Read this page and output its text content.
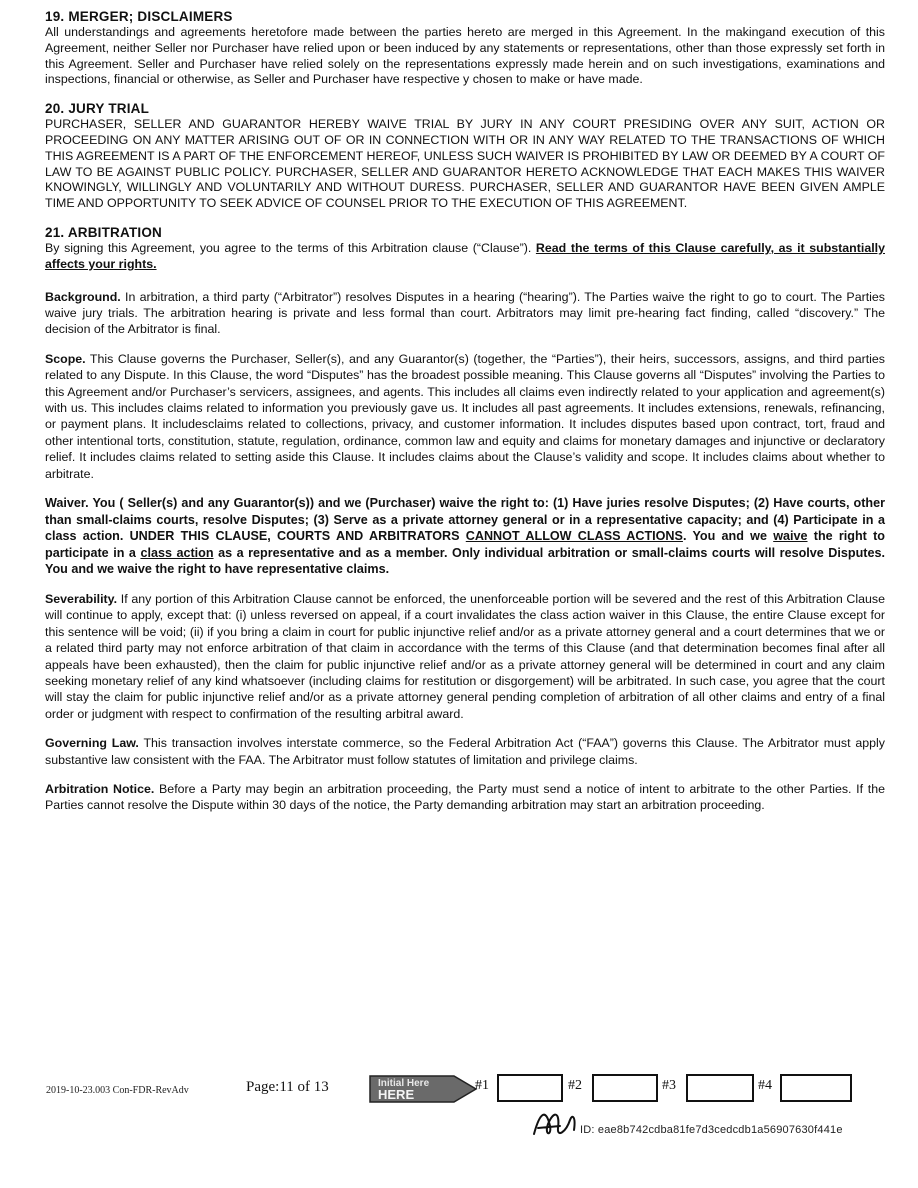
19. MERGER; DISCLAIMERS

All understandings and agreements heretofore made between the parties hereto are merged in this Agreement. In the makingand execution of this Agreement, neither Seller nor Purchaser have relied upon or been induced by any statements or representations, other than those expressly set forth in this Agreement. Seller and Purchaser have relied solely on the representations expressly made herein and on such investigations, examinations and inspections, financial or otherwise, as Seller and Purchaser have respective y chosen to make or have made.

20. JURY TRIAL

PURCHASER, SELLER AND GUARANTOR HEREBY WAIVE TRIAL BY JURY IN ANY COURT PRESIDING OVER ANY SUIT, ACTION OR PROCEEDING ON ANY MATTER ARISING OUT OF OR IN CONNECTION WITH OR IN ANY WAY RELATED TO THE TRANSACTIONS OF WHICH THIS AGREEMENT IS A PART OF THE ENFORCEMENT HEREOF, UNLESS SUCH WAIVER IS PROHIBITED BY LAW OR DEEMED BY A COURT OF LAW TO BE AGAINST PUBLIC POLICY. PURCHASER, SELLER AND GUARANTOR HERETO ACKNOWLEDGE THAT EACH MAKES THIS WAIVER KNOWINGLY, WILLINGLY AND VOLUNTARILY AND WITHOUT DURESS. PURCHASER, SELLER AND GUARANTOR HAVE BEEN GIVEN AMPLE TIME AND OPPORTUNITY TO SEEK ADVICE OF COUNSEL PRIOR TO THE EXECUTION OF THIS AGREEMENT.

21. ARBITRATION

By signing this Agreement, you agree to the terms of this Arbitration clause (“Clause”). Read the terms of this Clause carefully, as it substantially affects your rights.

Background. In arbitration, a third party (“Arbitrator”) resolves Disputes in a hearing (“hearing”). The Parties waive the right to go to court. The Parties waive jury trials. The arbitration hearing is private and less formal than court. Arbitrators may limit pre-hearing fact finding, called “discovery.” The decision of the Arbitrator is final.

Scope. This Clause governs the Purchaser, Seller(s), and any Guarantor(s) (together, the “Parties”), their heirs, successors, assigns, and third parties related to any Dispute. In this Clause, the word “Disputes” has the broadest possible meaning. This Clause governs all “Disputes” involving the Parties to this Agreement and/or Purchaser’s servicers, assignees, and agents. This includes all claims even indirectly related to your application and agreement(s) with us. This includes claims related to information you previously gave us. It includes all past agreements. It includes extensions, renewals, refinancing, or payment plans. It includesclaims related to collections, privacy, and customer information. It includes disputes based upon contract, tort, fraud and other intentional torts, constitution, statute, regulation, ordinance, common law and equity and claims for monetary damages and injunctive or declaratory relief. It includes claims related to setting aside this Clause. It includes claims about the Clause’s validity and scope. It includes claims about whether to arbitrate.

Waiver. You ( Seller(s) and any Guarantor(s)) and we (Purchaser) waive the right to: (1) Have juries resolve Disputes; (2) Have courts, other than small-claims courts, resolve Disputes; (3) Serve as a private attorney general or in a representative capacity; and (4) Participate in a class action. UNDER THIS CLAUSE, COURTS AND ARBITRATORS CANNOT ALLOW CLASS ACTIONS. You and we waive the right to participate in a class action as a representative and as a member. Only individual arbitration or small-claims courts will resolve Disputes. You and we waive the right to have representative claims.

Severability. If any portion of this Arbitration Clause cannot be enforced, the unenforceable portion will be severed and the rest of this Arbitration Clause will continue to apply, except that: (i) unless reversed on appeal, if a court invalidates the class action waiver in this Clause, the entire Clause except for this sentence will be void; (ii) if you bring a claim in court for public injunctive relief and/or as a private attorney general and a court determines that we or a related third party may not enforce arbitration of that claim in accordance with the terms of this Clause (and that determination becomes final after all appeals have been exhausted), then the claim for public injunctive relief and/or as a private attorney general will be determined in court and any claim seeking monetary relief of any kind whatsoever (including claims for restitution or disgorgement) will be arbitrated. In such case, you agree that the court will stay the claim for public injunctive relief and/or as a private attorney general pending completion of arbitration of all other claims and entry of a final order or judgment with respect to confirmation of the resulting arbitral award.

Governing Law. This transaction involves interstate commerce, so the Federal Arbitration Act (“FAA”) governs this Clause. The Arbitrator must apply substantive law consistent with the FAA. The Arbitrator must follow statutes of limitation and privilege claims.

Arbitration Notice. Before a Party may begin an arbitration proceeding, the Party must send a notice of intent to arbitrate to the other Parties. If the Parties cannot resolve the Dispute within 30 days of the notice, the Party demanding arbitration may start an arbitration proceeding.

2019-10-23.003 Con-FDR-RevAdv	Page:11 of 13	Initial Here
HERE
#1	#2	#3	#4
ID: eae8b742cdba81fe7d3cedcdb1a56907630f441e
